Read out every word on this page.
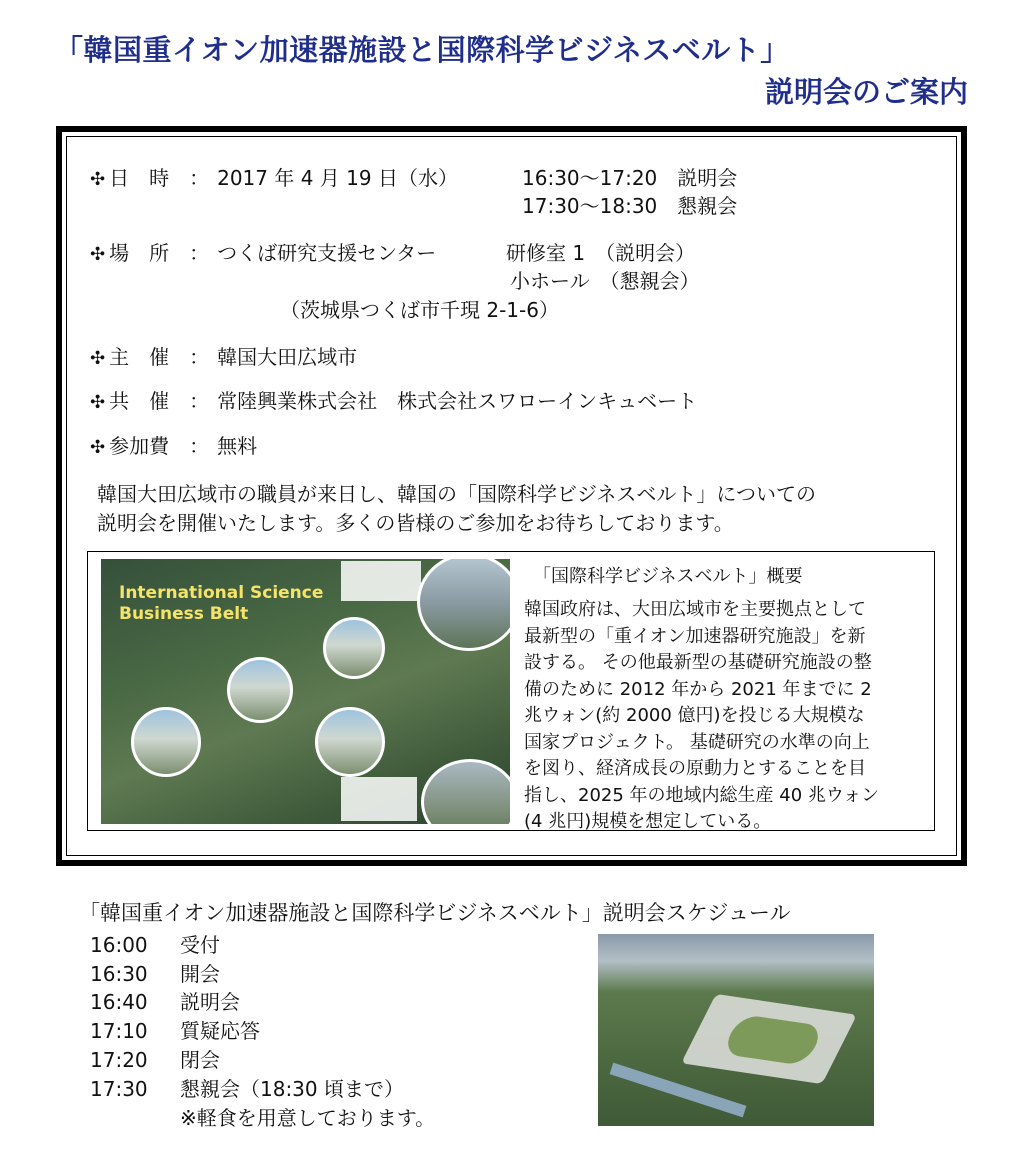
「韓国重イオン加速器施設と国際科学ビジネスベルト」
説明会のご案内
✣ 日　時 ： 2017 年 4 月 19 日（水）	16:30〜17:20　 説明会
17:30〜18:30　 懇親会
✣ 場　所 ： つくば研究支援センター	研修室 1　 （説明会）
小ホール　 （懇親会）
（茨城県つくば市千現 2-1-6）
✣ 主　催 ： 韓国大田広域市
✣ 共　催 ： 常陸興業株式会社　株式会社スワローインキュベート
✣ 参加費 ： 無料
韓国大田広域市の職員が来日し、韓国の「国際科学ビジネスベルト」についての
説明会を開催いたします。多くの皆様のご参加をお待ちしております。
International Science
Business Belt
「国際科学ビジネスベルト」概要
韓国政府は、大田広域市を主要拠点として
最新型の「重イオン加速器研究施設」を新
設する。 その他最新型の基礎研究施設の整
備のために 2012 年から 2021 年までに 2
兆ウォン(約 2000 億円)を投じる大規模な
国家プロジェクト。 基礎研究の水準の向上
を図り、経済成長の原動力とすることを目
指し、2025 年の地域内総生産 40 兆ウォン
(4 兆円)規模を想定している。
「韓国重イオン加速器施設と国際科学ビジネスベルト」説明会スケジュール
16:00 受付
16:30 開会
16:40 説明会
17:10 質疑応答
17:20 閉会
17:30 懇親会（18:30 頃まで）
※軽食を用意しております。
